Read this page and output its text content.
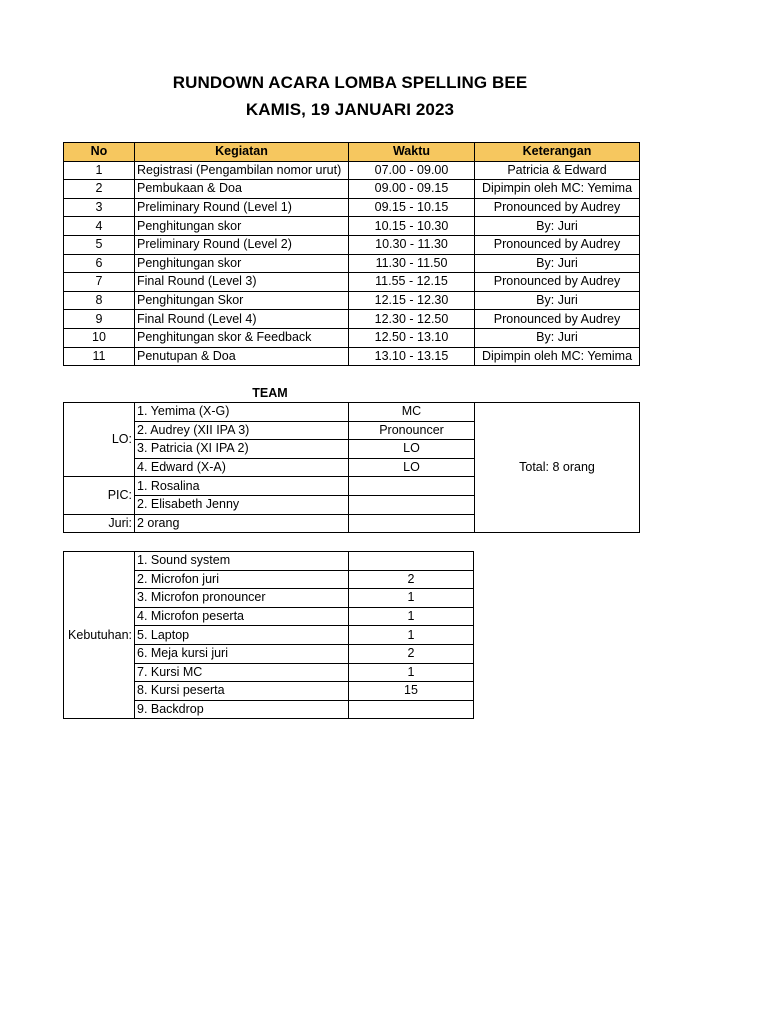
RUNDOWN ACARA LOMBA SPELLING BEE
KAMIS, 19 JANUARI 2023
No	Kegiatan	Waktu	Keterangan
1	Registrasi (Pengambilan nomor urut)	07.00 - 09.00	Patricia & Edward
2	Pembukaan & Doa	09.00 - 09.15	Dipimpin oleh MC: Yemima
3	Preliminary Round (Level 1)	09.15 - 10.15	Pronounced by Audrey
4	Penghitungan skor	10.15 - 10.30	By: Juri
5	Preliminary Round (Level 2)	10.30 - 11.30	Pronounced by Audrey
6	Penghitungan skor	11.30 - 11.50	By: Juri
7	Final Round (Level 3)	11.55 - 12.15	Pronounced by Audrey
8	Penghitungan Skor	12.15 - 12.30	By: Juri
9	Final Round (Level 4)	12.30 - 12.50	Pronounced by Audrey
10	Penghitungan skor & Feedback	12.50 - 13.10	By: Juri
11	Penutupan & Doa	13.10 - 13.15	Dipimpin oleh MC: Yemima
TEAM
LO:	1. Yemima (X-G)	MC	Total: 8 orang
	2. Audrey (XII IPA 3)	Pronouncer	
	3. Patricia (XI IPA 2)	LO	
	4. Edward (X-A)	LO	
PIC:	1. Rosalina		
	2. Elisabeth Jenny		
Juri:	2 orang		
Kebutuhan:	1. Sound system	
	2. Microfon juri	2
	3. Microfon pronouncer	1
	4. Microfon peserta	1
	5. Laptop	1
	6. Meja kursi juri	2
	7. Kursi MC	1
	8. Kursi peserta	15
	9. Backdrop	
